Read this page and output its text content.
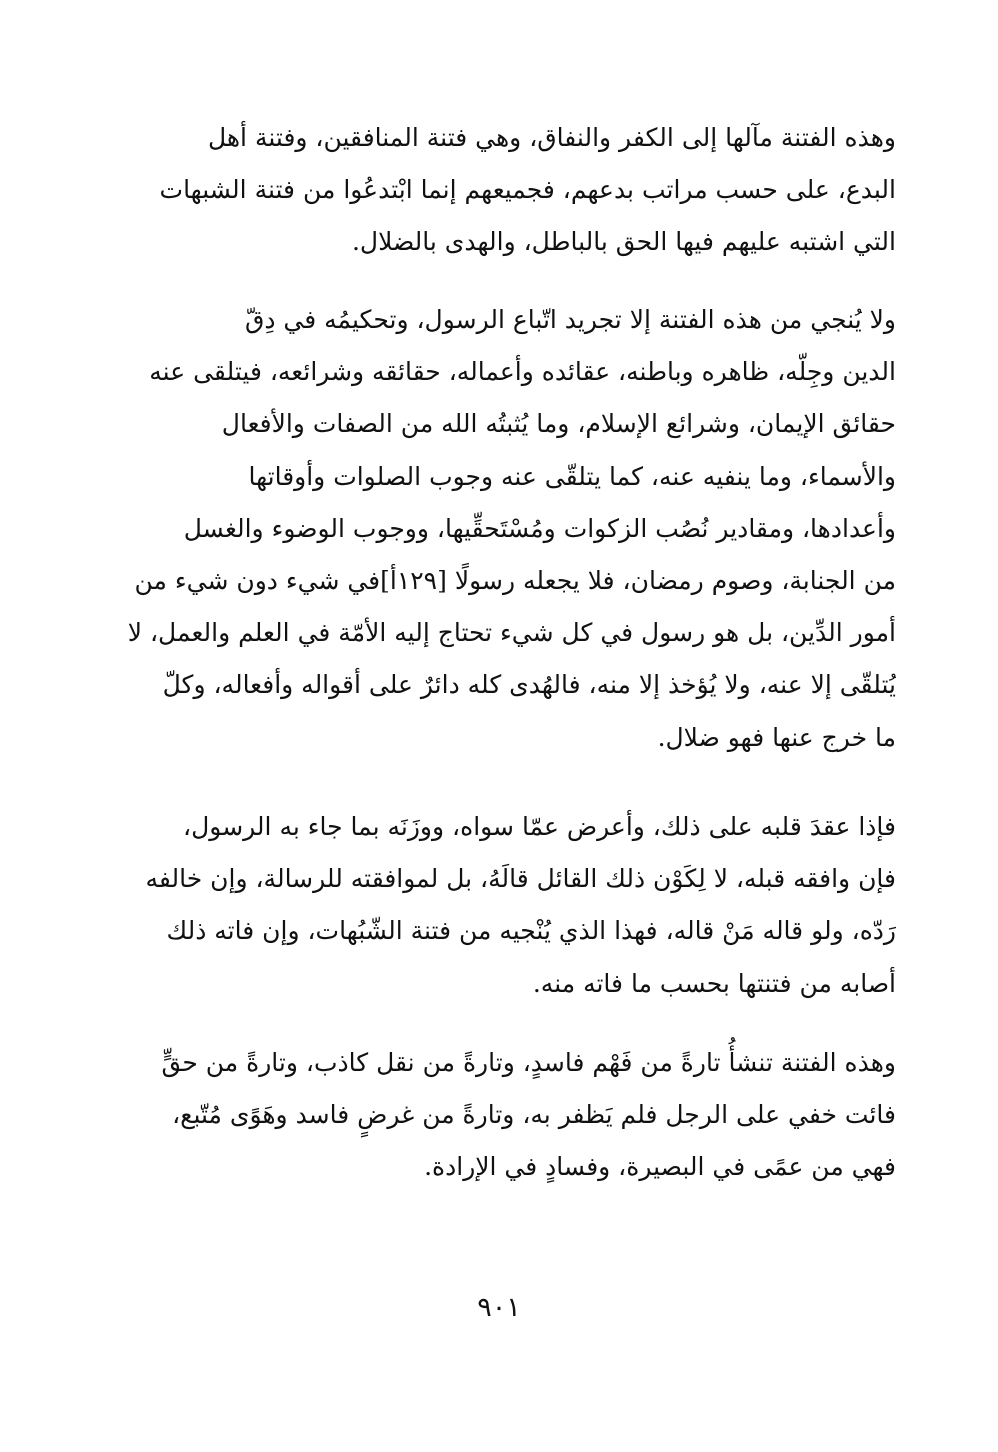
وهذه الفتنة مآلها إلى الكفر والنفاق، وهي فتنة المنافقين، وفتنة أهل
البدع، على حسب مراتب بدعهم، فجميعهم إنما ابْتدعُوا من فتنة الشبهات
التي اشتبه عليهم فيها الحق بالباطل، والهدى بالضلال.

ولا يُنجي من هذه الفتنة إلا تجريد اتّباع الرسول، وتحكيمُه في دِقّ
الدين وجِلّه، ظاهره وباطنه، عقائده وأعماله، حقائقه وشرائعه، فيتلقى عنه
حقائق الإيمان، وشرائع الإسلام، وما يُثبتُه الله من الصفات والأفعال
والأسماء، وما ينفيه عنه، كما يتلقّى عنه وجوب الصلوات وأوقاتها
وأعدادها، ومقادير نُصُب الزكوات ومُسْتَحقِّيها، ووجوب الوضوء والغسل
من الجنابة، وصوم رمضان، فلا يجعله رسولًا [١٢٩أ]في شيء دون شيء من
أمور الدِّين، بل هو رسول في كل شيء تحتاج إليه الأمّة في العلم والعمل، لا
يُتلقّى إلا عنه، ولا يُؤخذ إلا منه، فالهُدى كله دائرٌ على أقواله وأفعاله، وكلّ
ما خرج عنها فهو ضلال.

فإذا عقدَ قلبه على ذلك، وأعرض عمّا سواه، ووزَنَه بما جاء به الرسول،
فإن وافقه قبله، لا لِكَوْن ذلك القائل قالَهُ، بل لموافقته للرسالة، وإن خالفه
رَدّه، ولو قاله مَنْ قاله، فهذا الذي يُنْجيه من فتنة الشّبُهات، وإن فاته ذلك
أصابه من فتنتها بحسب ما فاته منه.

وهذه الفتنة تنشأُ تارةً من فَهْم فاسدٍ، وتارةً من نقل كاذب، وتارةً من حقٍّ
فائت خفي على الرجل فلم يَظفر به، وتارةً من غرضٍ فاسد وهَوًى مُتّبع،
فهي من عمًى في البصيرة، وفسادٍ في الإرادة.

٩٠١
